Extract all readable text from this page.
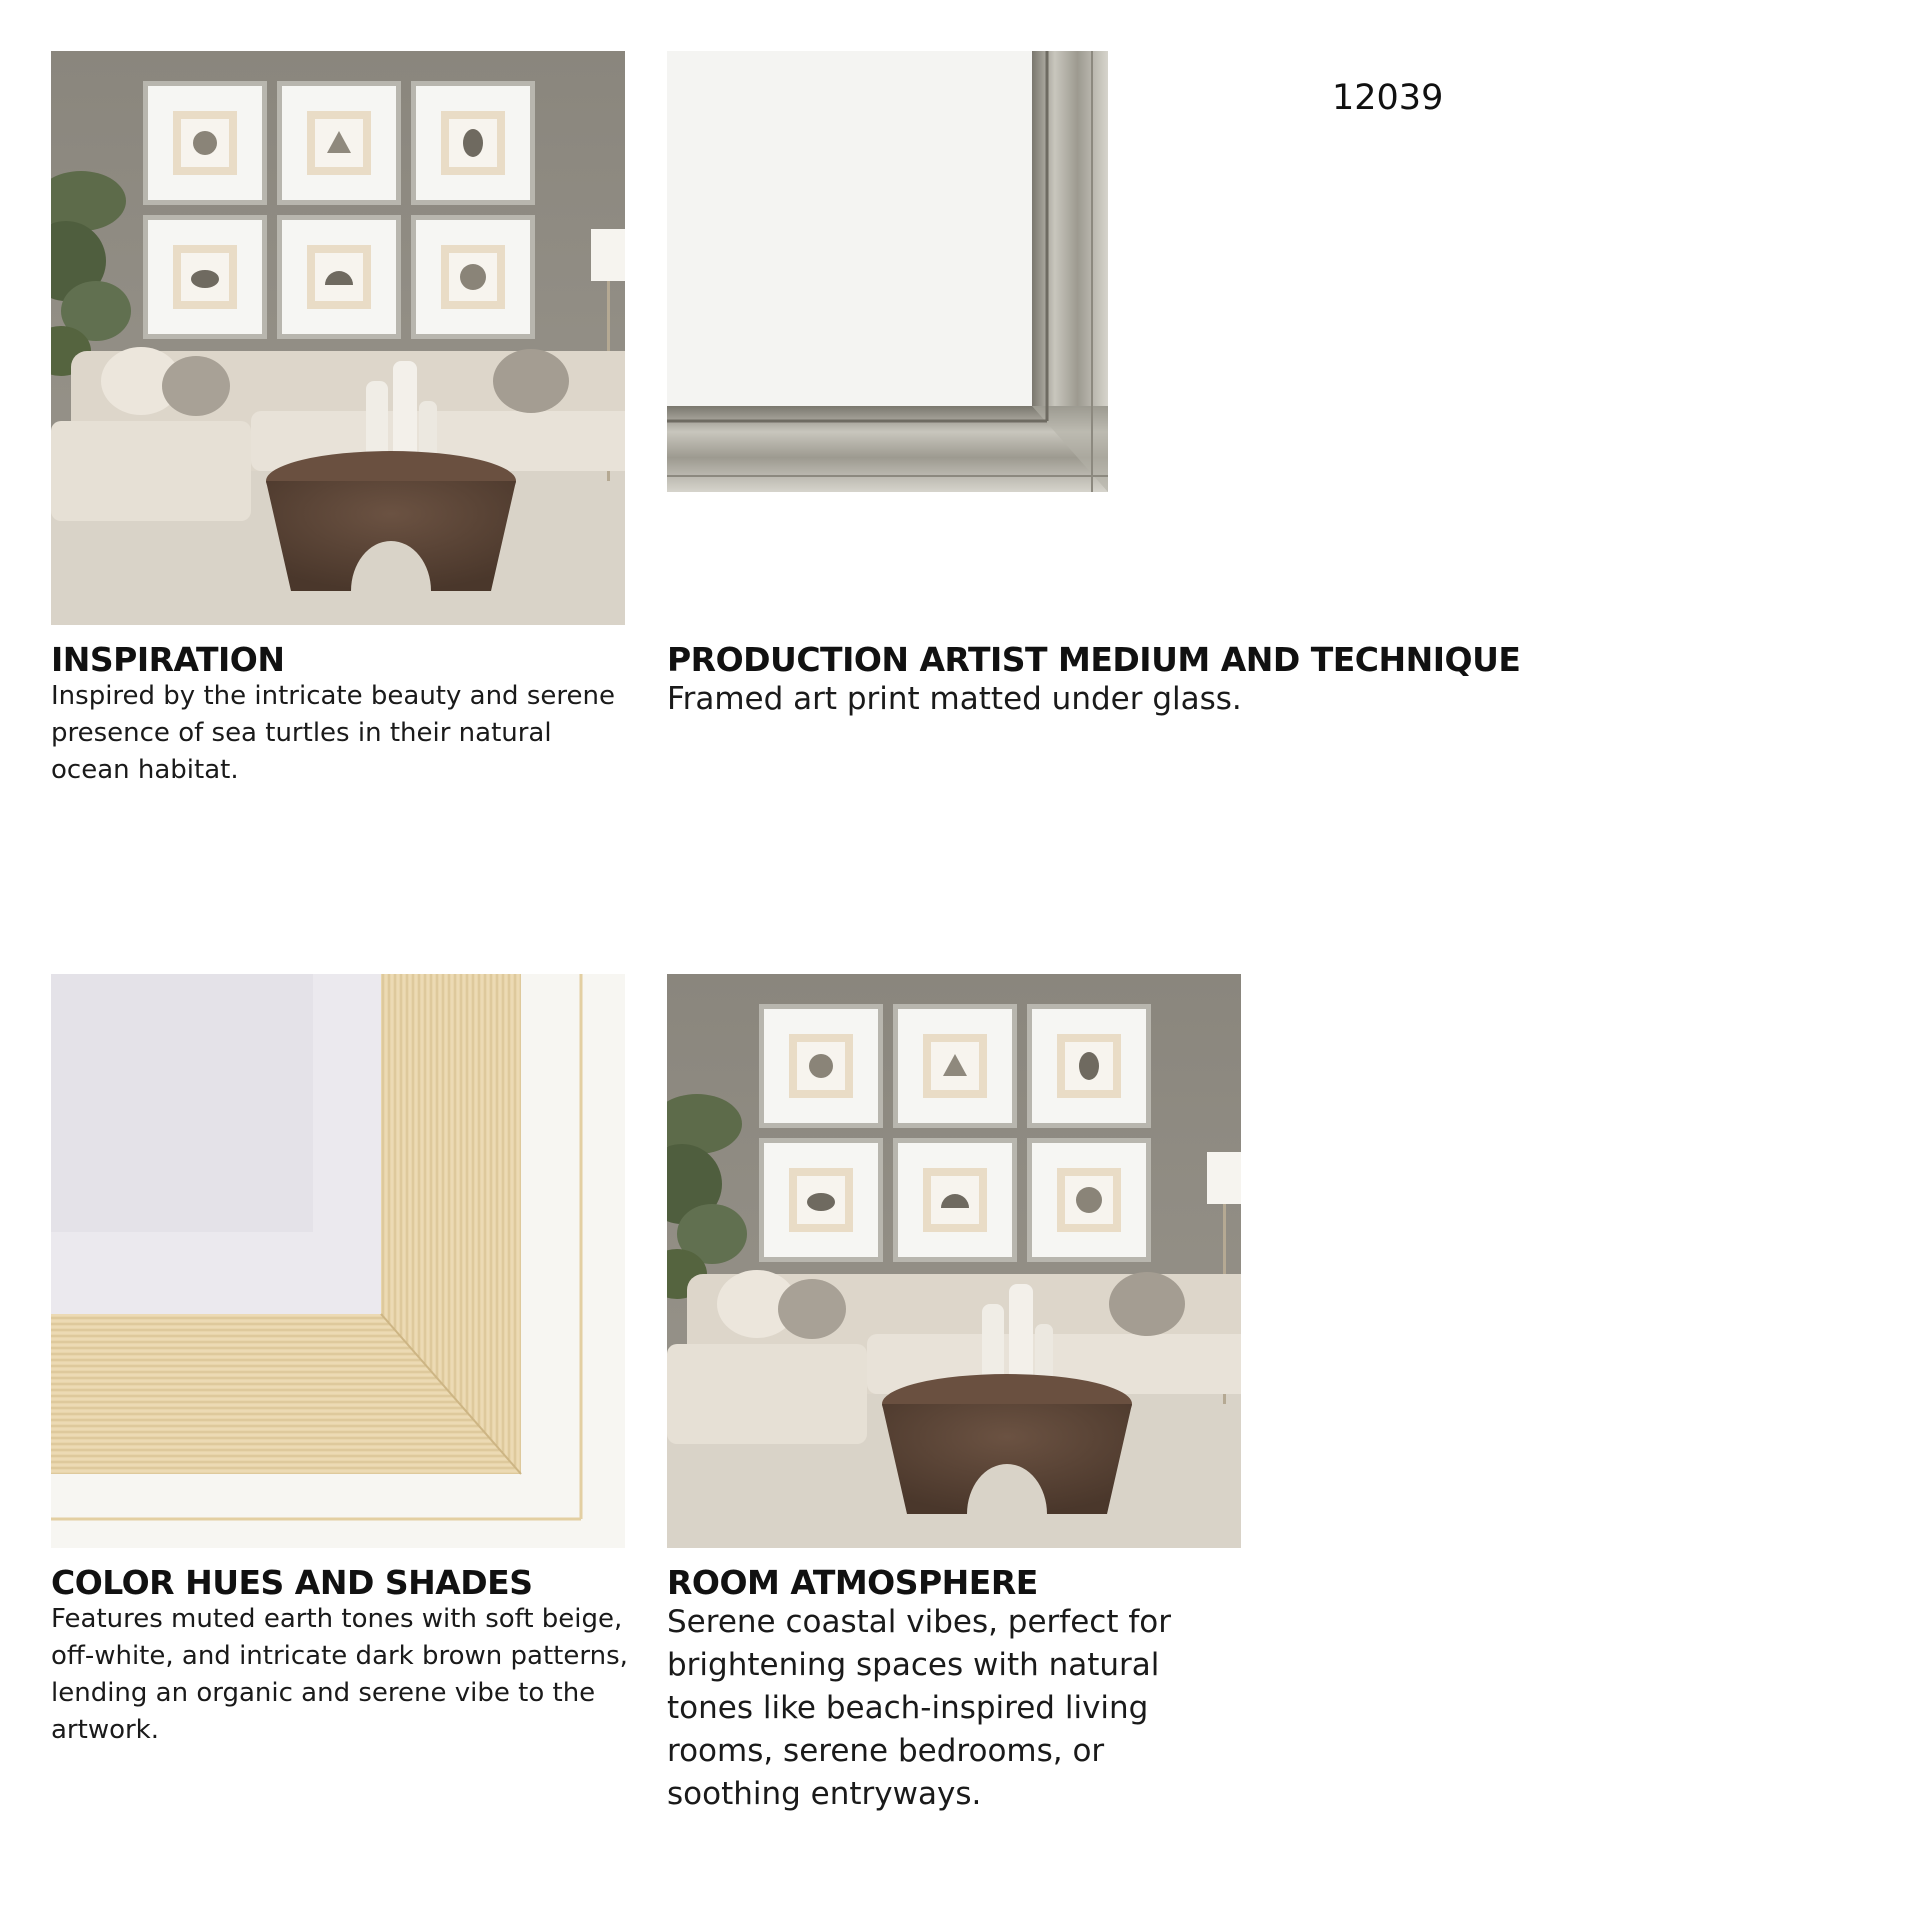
12039
INSPIRATION
Inspired by the intricate beauty and serene presence of sea turtles in their natural ocean habitat.
PRODUCTION ARTIST MEDIUM AND TECHNIQUE
Framed art print matted under glass.
COLOR HUES AND SHADES
Features muted earth tones with soft beige, off-white, and intricate dark brown patterns, lending an organic and serene vibe to the artwork.
ROOM ATMOSPHERE
Serene coastal vibes, perfect for brightening spaces with natural tones like beach-inspired living rooms, serene bedrooms, or soothing entryways.
